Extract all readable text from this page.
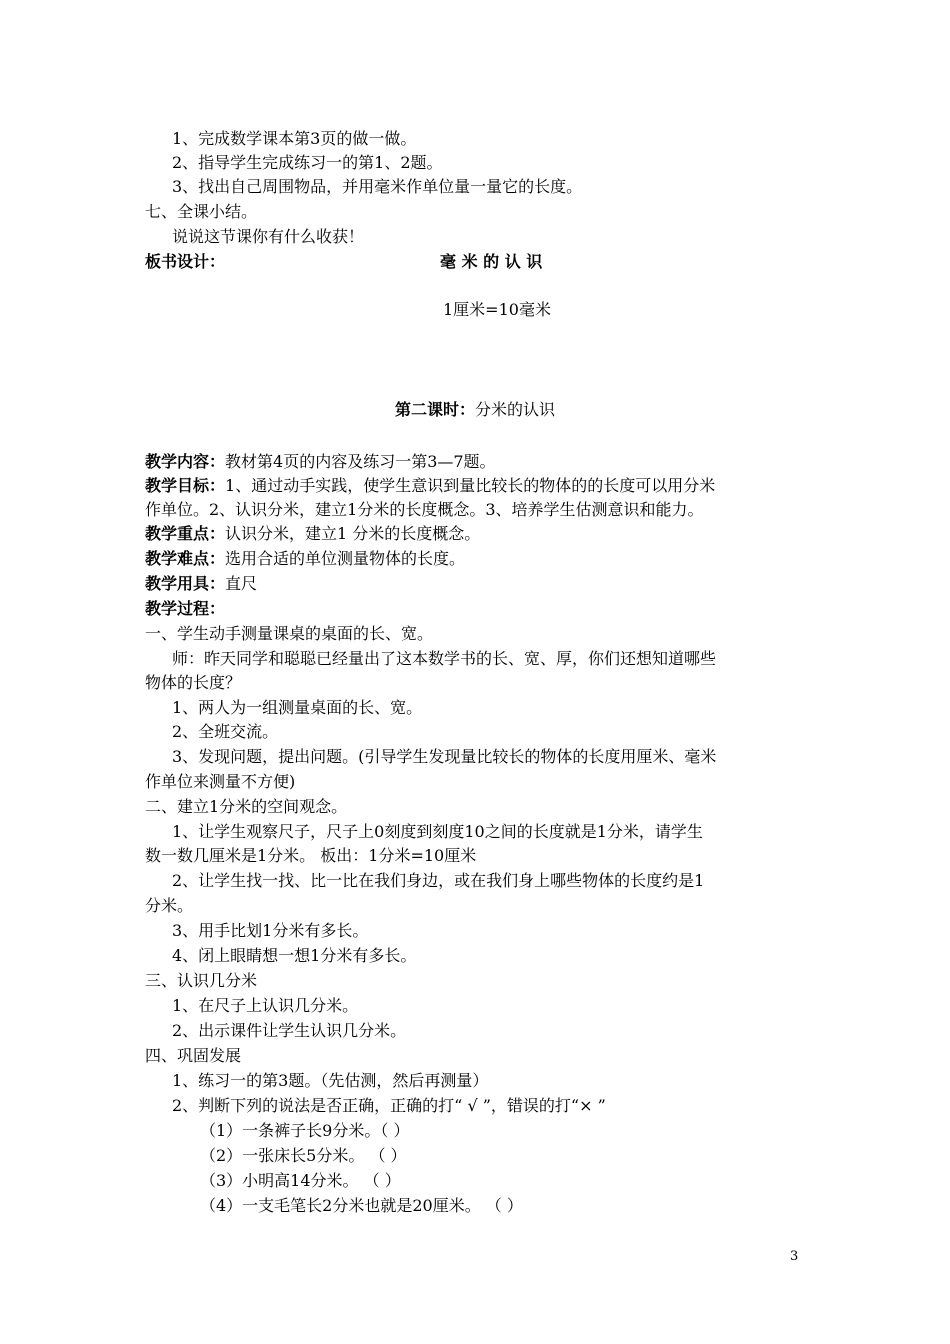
1、完成数学课本第3页的做一做。
2、指导学生完成练习一的第1、2题。
3、找出自己周围物品，并用毫米作单位量一量它的长度。
七、全课小结。
说说这节课你有什么收获！
板书设计：	毫 米 的 认 识
1厘米=10毫米
第二课时：分米的认识
教学内容：教材第4页的内容及练习一第3—7题。
教学目标：1、通过动手实践，使学生意识到量比较长的物体的的长度可以用分米
作单位。2、认识分米，建立1分米的长度概念。3、培养学生估测意识和能力。
教学重点：认识分米，建立1 分米的长度概念。
教学难点：选用合适的单位测量物体的长度。
教学用具：直尺
教学过程：
一、学生动手测量课桌的桌面的长、宽。
师：昨天同学和聪聪已经量出了这本数学书的长、宽、厚，你们还想知道哪些
物体的长度？
1、两人为一组测量桌面的长、宽。
2、全班交流。
3、发现问题，提出问题。(引导学生发现量比较长的物体的长度用厘米、毫米
作单位来测量不方便)
二、建立1分米的空间观念。
1、让学生观察尺子，尺子上0刻度到刻度10之间的长度就是1分米，请学生
数一数几厘米是1分米。 板出：1分米=10厘米
2、让学生找一找、比一比在我们身边，或在我们身上哪些物体的长度约是1
分米。
3、用手比划1分米有多长。
4、闭上眼睛想一想1分米有多长。
三、认识几分米
1、在尺子上认识几分米。
2、出示课件让学生认识几分米。
四、巩固发展
1、练习一的第3题。（先估测，然后再测量）
2、判断下列的说法是否正确，正确的打“ √ ”，错误的打“× ”
（1）一条裤子长9分米。（ ）
（2）一张床长5分米。 （ ）
（3）小明高14分米。 （ ）
（4）一支毛笔长2分米也就是20厘米。 （ ）
3
